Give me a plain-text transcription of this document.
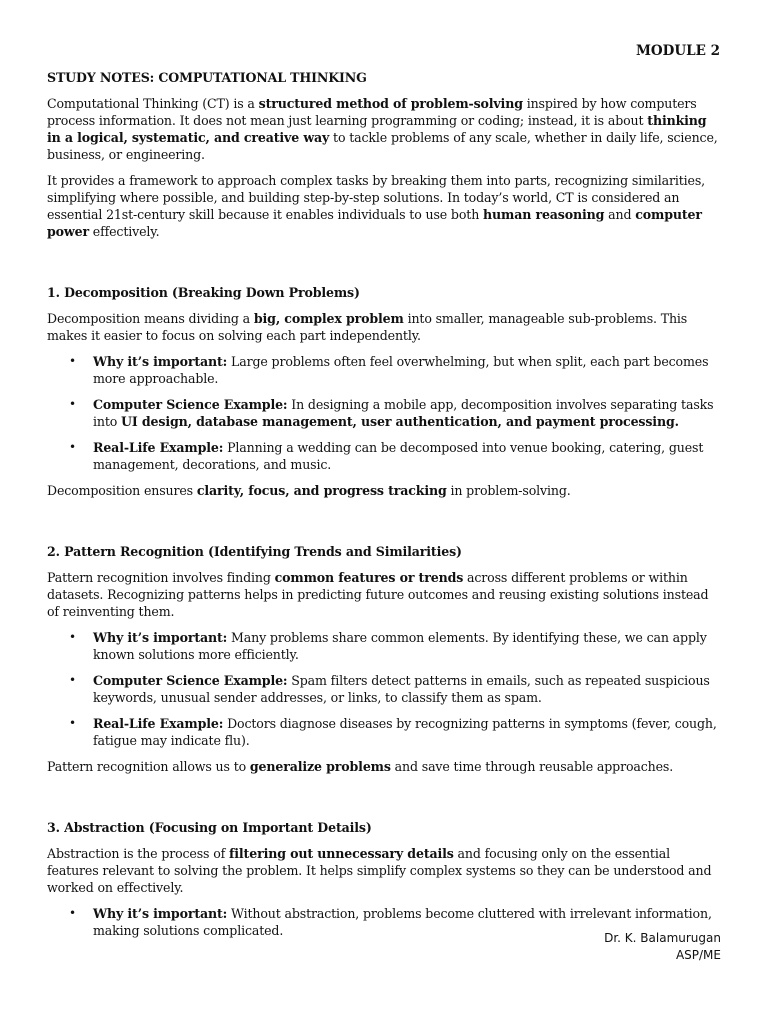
MODULE 2
STUDY NOTES: COMPUTATIONAL THINKING

Computational Thinking (CT) is a structured method of problem-solving inspired by how computers process information. It does not mean just learning programming or coding; instead, it is about thinking in a logical, systematic, and creative way to tackle problems of any scale, whether in daily life, science, business, or engineering.

It provides a framework to approach complex tasks by breaking them into parts, recognizing similarities, simplifying where possible, and building step-by-step solutions. In today’s world, CT is considered an essential 21st-century skill because it enables individuals to use both human reasoning and computer power effectively.

1. Decomposition (Breaking Down Problems)

Decomposition means dividing a big, complex problem into smaller, manageable sub-problems. This makes it easier to focus on solving each part independently.

• Why it’s important: Large problems often feel overwhelming, but when split, each part becomes more approachable.
• Computer Science Example: In designing a mobile app, decomposition involves separating tasks into UI design, database management, user authentication, and payment processing.
• Real-Life Example: Planning a wedding can be decomposed into venue booking, catering, guest management, decorations, and music.

Decomposition ensures clarity, focus, and progress tracking in problem-solving.

2. Pattern Recognition (Identifying Trends and Similarities)

Pattern recognition involves finding common features or trends across different problems or within datasets. Recognizing patterns helps in predicting future outcomes and reusing existing solutions instead of reinventing them.

• Why it’s important: Many problems share common elements. By identifying these, we can apply known solutions more efficiently.
• Computer Science Example: Spam filters detect patterns in emails, such as repeated suspicious keywords, unusual sender addresses, or links, to classify them as spam.
• Real-Life Example: Doctors diagnose diseases by recognizing patterns in symptoms (fever, cough, fatigue may indicate flu).

Pattern recognition allows us to generalize problems and save time through reusable approaches.

3. Abstraction (Focusing on Important Details)

Abstraction is the process of filtering out unnecessary details and focusing only on the essential features relevant to solving the problem. It helps simplify complex systems so they can be understood and worked on effectively.

• Why it’s important: Without abstraction, problems become cluttered with irrelevant information, making solutions complicated.	Dr. K. Balamurugan
ASP/ME
